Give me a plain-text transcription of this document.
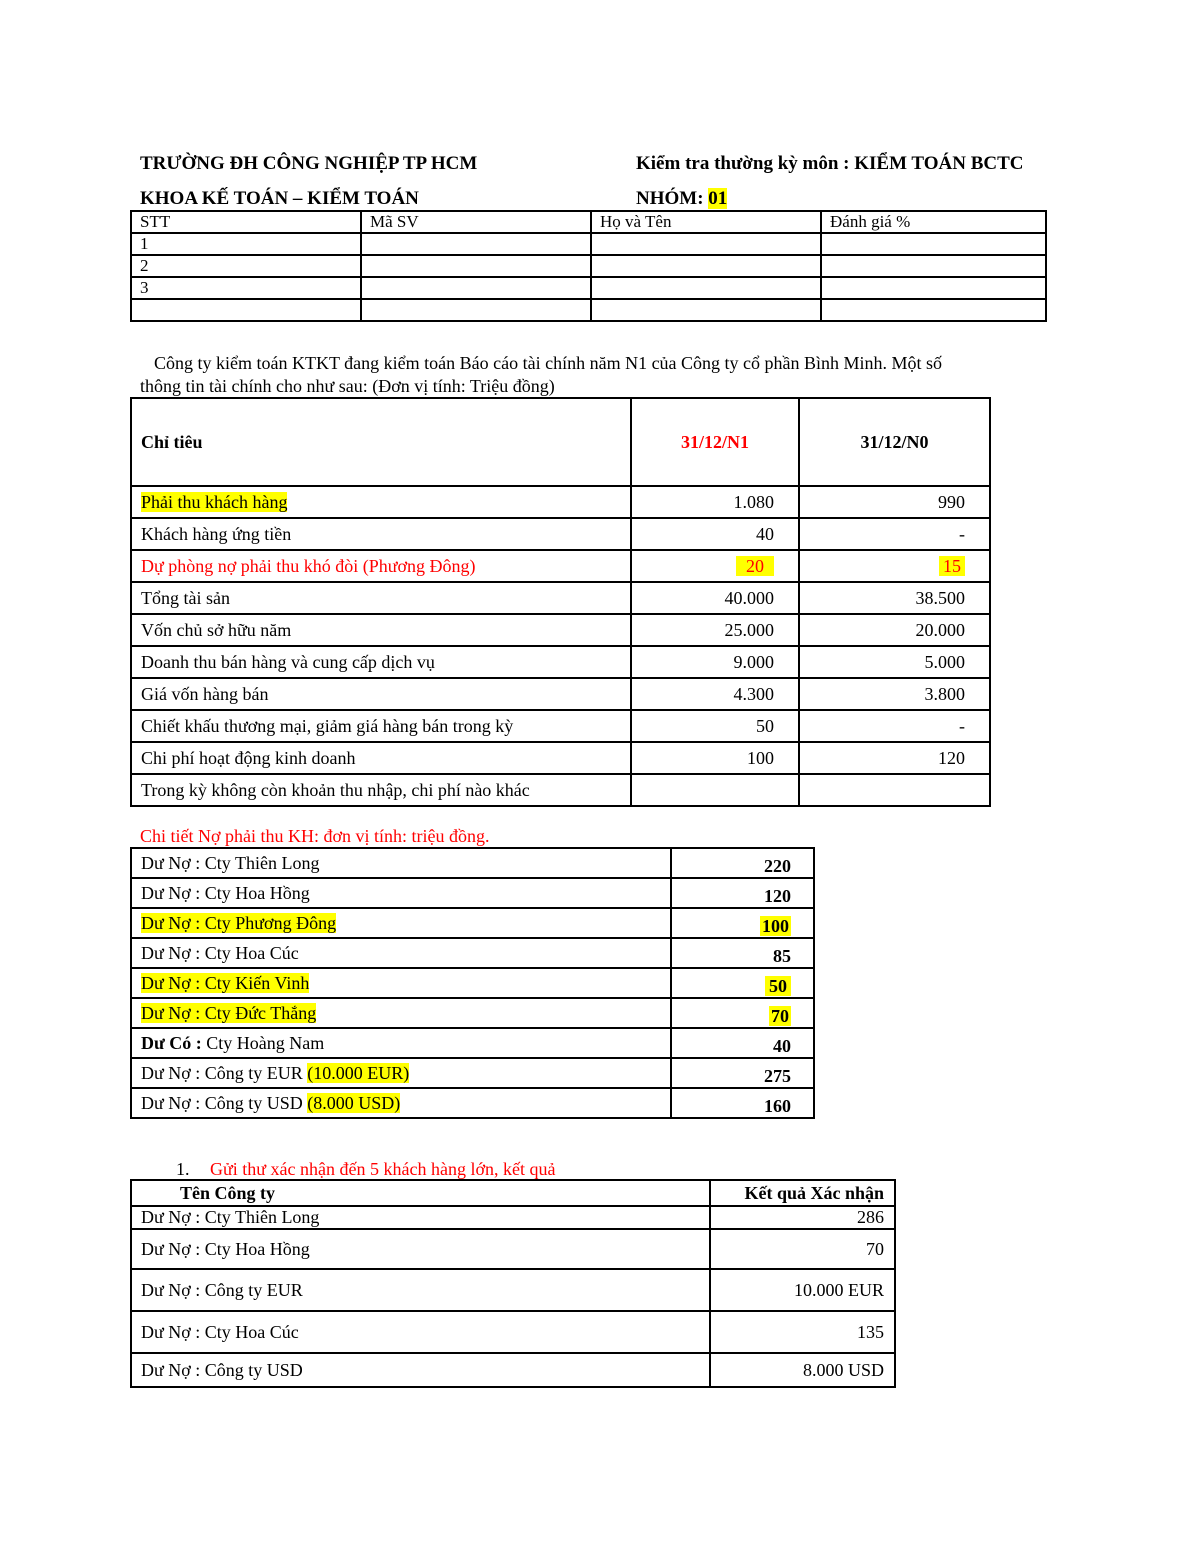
TRƯỜNG ĐH CÔNG NGHIỆP TP HCM	Kiểm tra thường kỳ môn : KIỂM TOÁN BCTC
KHOA KẾ TOÁN – KIỂM TOÁN	NHÓM: 01
STT	Mã SV	Họ và Tên	Đánh giá %
1			
2			
3			

Công ty kiểm toán KTKT đang kiểm toán Báo cáo tài chính năm N1 của Công ty cổ phần Bình Minh. Một số
thông tin tài chính cho như sau: (Đơn vị tính: Triệu đồng)
Chỉ tiêu	31/12/N1	31/12/N0
Phải thu khách hàng	1.080	990
Khách hàng ứng tiền	40	-
Dự phòng nợ phải thu khó đòi (Phương Đông)	20	15
Tổng tài sản	40.000	38.500
Vốn chủ sở hữu năm	25.000	20.000
Doanh thu bán hàng và cung cấp dịch vụ	9.000	5.000
Giá vốn hàng bán	4.300	3.800
Chiết khấu thương mại, giảm giá hàng bán trong kỳ	50	-
Chi phí hoạt động kinh doanh	100	120
Trong kỳ không còn khoản thu nhập, chi phí nào khác		
Chi tiết Nợ phải thu KH: đơn vị tính: triệu đồng.
Dư Nợ : Cty Thiên Long	220
Dư Nợ : Cty Hoa Hồng	120
Dư Nợ : Cty Phương Đông	100
Dư Nợ : Cty Hoa Cúc	85
Dư Nợ : Cty Kiến Vinh	50
Dư Nợ : Cty Đức Thắng	70
Dư Có : Cty Hoàng Nam	40
Dư Nợ : Công ty EUR (10.000 EUR)	275
Dư Nợ : Công ty USD (8.000 USD)	160
1. Gửi thư xác nhận đến 5 khách hàng lớn, kết quả
Tên Công ty	Kết quả Xác nhận
Dư Nợ : Cty Thiên Long	286
Dư Nợ : Cty Hoa Hồng	70
Dư Nợ : Công ty EUR	10.000 EUR
Dư Nợ : Cty Hoa Cúc	135
Dư Nợ : Công ty USD	8.000 USD
